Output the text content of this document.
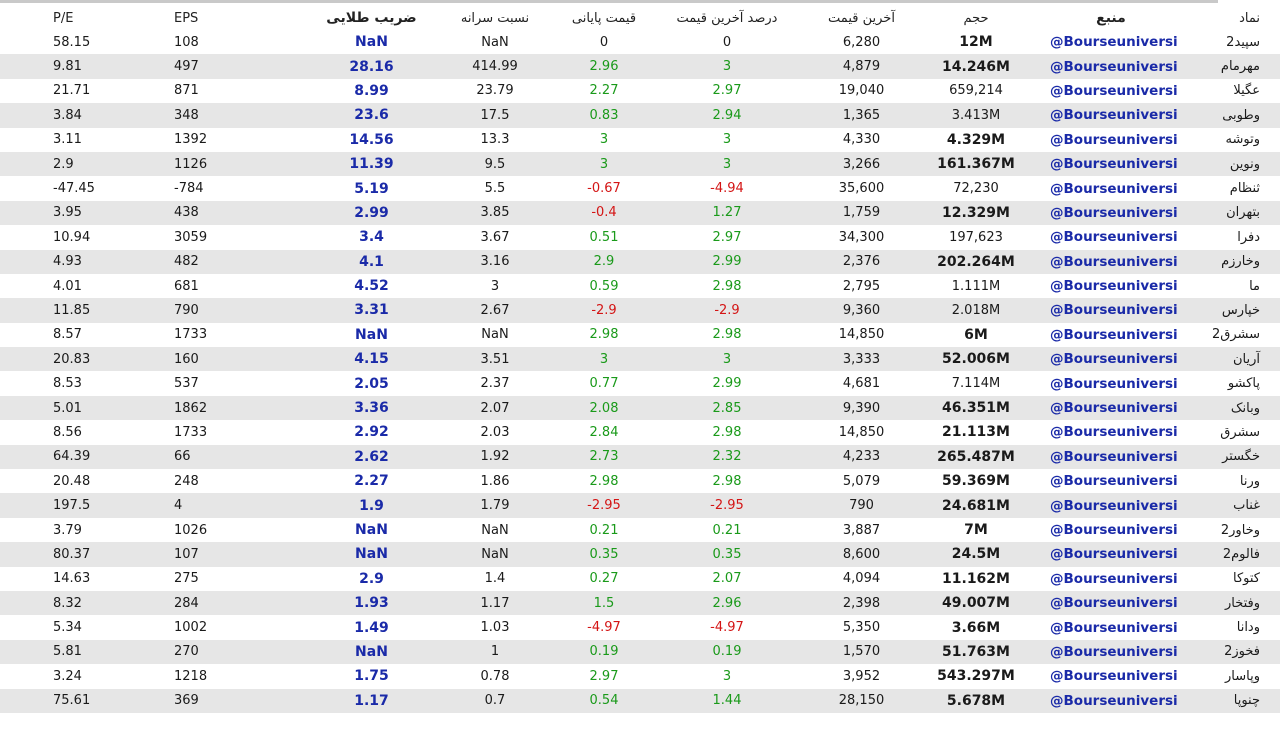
P/E	EPS	ضریب طلایی	نسبت سرانه	قیمت پایانی	درصد آخرین قیمت	آخرین قیمت	حجم	منبع	نماد
58.15	108	NaN	NaN	0	0	6,280	12M	@Bourseuniversi	سپید2
9.81	497	28.16	414.99	2.96	3	4,879	14.246M	@Bourseuniversi	مهرمام
21.71	871	8.99	23.79	2.27	2.97	19,040	659,214	@Bourseuniversi	عگیلا
3.84	348	23.6	17.5	0.83	2.94	1,365	3.413M	@Bourseuniversi	وطوبی
3.11	1392	14.56	13.3	3	3	4,330	4.329M	@Bourseuniversi	وتوشه
2.9	1126	11.39	9.5	3	3	3,266	161.367M	@Bourseuniversi	ونوین
-47.45	-784	5.19	5.5	-0.67	-4.94	35,600	72,230	@Bourseuniversi	ثنظام
3.95	438	2.99	3.85	-0.4	1.27	1,759	12.329M	@Bourseuniversi	بتهران
10.94	3059	3.4	3.67	0.51	2.97	34,300	197,623	@Bourseuniversi	دفرا
4.93	482	4.1	3.16	2.9	2.99	2,376	202.264M	@Bourseuniversi	وخارزم
4.01	681	4.52	3	0.59	2.98	2,795	1.111M	@Bourseuniversi	ما
11.85	790	3.31	2.67	-2.9	-2.9	9,360	2.018M	@Bourseuniversi	خپارس
8.57	1733	NaN	NaN	2.98	2.98	14,850	6M	@Bourseuniversi	سشرق2
20.83	160	4.15	3.51	3	3	3,333	52.006M	@Bourseuniversi	آریان
8.53	537	2.05	2.37	0.77	2.99	4,681	7.114M	@Bourseuniversi	پاکشو
5.01	1862	3.36	2.07	2.08	2.85	9,390	46.351M	@Bourseuniversi	وبانک
8.56	1733	2.92	2.03	2.84	2.98	14,850	21.113M	@Bourseuniversi	سشرق
64.39	66	2.62	1.92	2.73	2.32	4,233	265.487M	@Bourseuniversi	خگستر
20.48	248	2.27	1.86	2.98	2.98	5,079	59.369M	@Bourseuniversi	ورنا
197.5	4	1.9	1.79	-2.95	-2.95	790	24.681M	@Bourseuniversi	غناب
3.79	1026	NaN	NaN	0.21	0.21	3,887	7M	@Bourseuniversi	وخاور2
80.37	107	NaN	NaN	0.35	0.35	8,600	24.5M	@Bourseuniversi	فالوم2
14.63	275	2.9	1.4	0.27	2.07	4,094	11.162M	@Bourseuniversi	کتوکا
8.32	284	1.93	1.17	1.5	2.96	2,398	49.007M	@Bourseuniversi	وفتخار
5.34	1002	1.49	1.03	-4.97	-4.97	5,350	3.66M	@Bourseuniversi	ودانا
5.81	270	NaN	1	0.19	0.19	1,570	51.763M	@Bourseuniversi	فخوز2
3.24	1218	1.75	0.78	2.97	3	3,952	543.297M	@Bourseuniversi	وپاسار
75.61	369	1.17	0.7	0.54	1.44	28,150	5.678M	@Bourseuniversi	چنوپا
